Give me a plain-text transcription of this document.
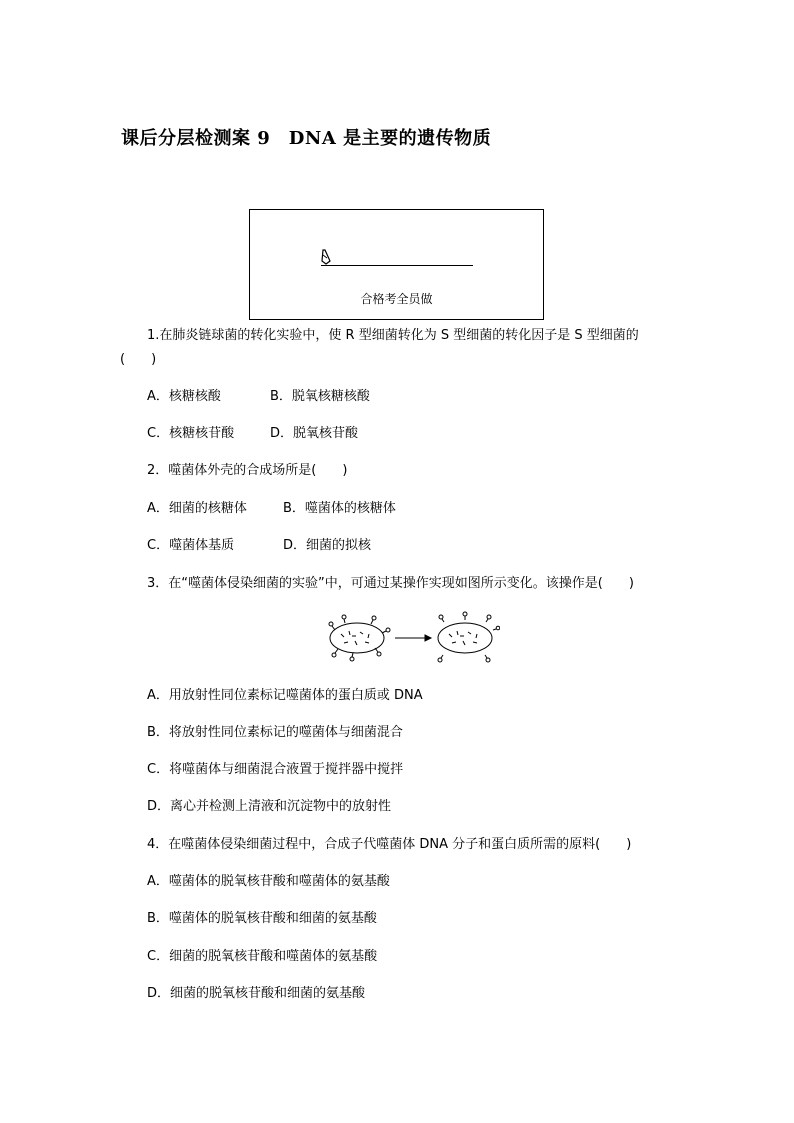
课后分层检测案 9　DNA 是主要的遗传物质
合格考全员做
1.在肺炎链球菌的转化实验中，使 R 型细菌转化为 S 型细菌的转化因子是 S 型细菌的
(　　)
A．核糖核酸	B．脱氧核糖核酸
C．核糖核苷酸	D．脱氧核苷酸
2．噬菌体外壳的合成场所是(　　)
A．细菌的核糖体	B．噬菌体的核糖体
C．噬菌体基质	D．细菌的拟核
3．在“噬菌体侵染细菌的实验”中，可通过某操作实现如图所示变化。该操作是(　　)
A．用放射性同位素标记噬菌体的蛋白质或 DNA
B．将放射性同位素标记的噬菌体与细菌混合
C．将噬菌体与细菌混合液置于搅拌器中搅拌
D．离心并检测上清液和沉淀物中的放射性
4．在噬菌体侵染细菌过程中，合成子代噬菌体 DNA 分子和蛋白质所需的原料(　　)
A．噬菌体的脱氧核苷酸和噬菌体的氨基酸
B．噬菌体的脱氧核苷酸和细菌的氨基酸
C．细菌的脱氧核苷酸和噬菌体的氨基酸
D．细菌的脱氧核苷酸和细菌的氨基酸
